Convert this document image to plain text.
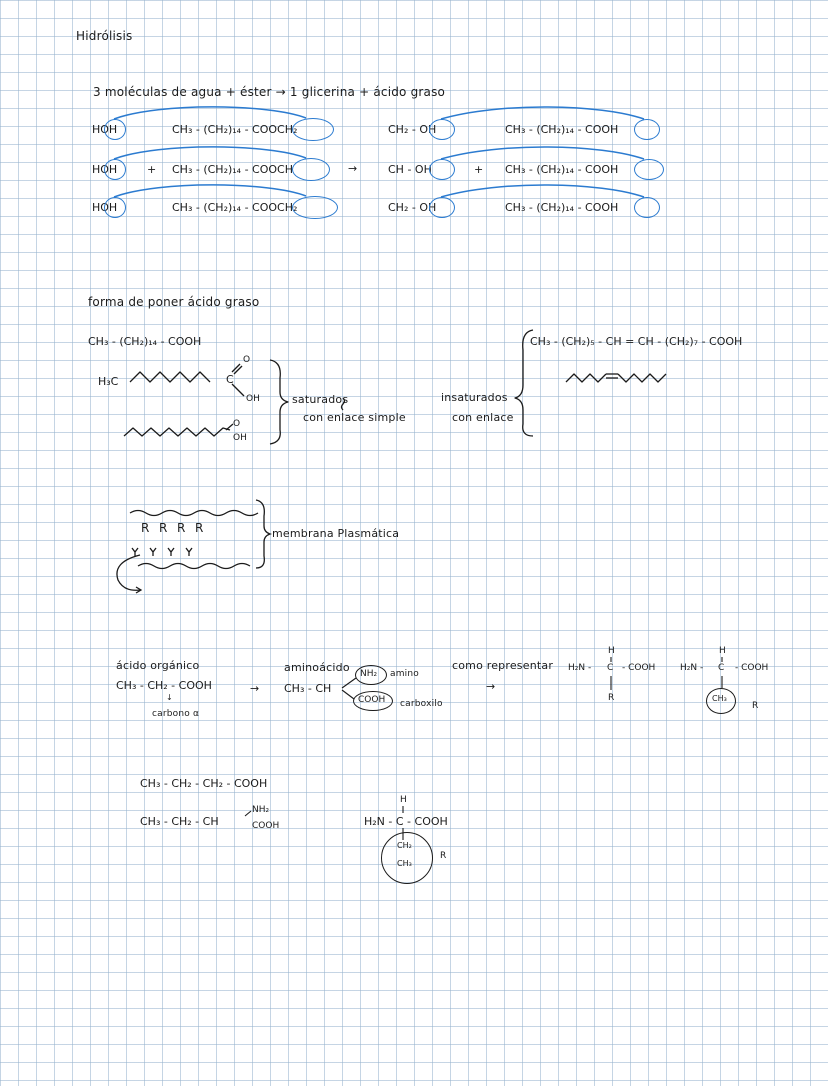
Hidrólisis
3 moléculas de agua + éster → 1 glicerina + ácido graso
HOH	CH₃ - (CH₂)₁₄ - COOCH₂	CH₂ - OH	CH₃ - (CH₂)₁₄ - COOH
HOH	+ CH₃ - (CH₂)₁₄ - COOCH	→	CH - OH	+ CH₃ - (CH₂)₁₄ - COOH
HOH	CH₃ - (CH₂)₁₄ - COOCH₂	CH₂ - OH	CH₃ - (CH₂)₁₄ - COOH
forma de poner ácido graso
CH₃ - (CH₂)₁₄ - COOH
H₃C
O
C
OH
O
OH
saturados
con enlace simple
insaturados
con enlace
CH₃ - (CH₂)₅ - CH = CH - (CH₂)₇ - COOH
R R R R	membrana Plasmática
ácido orgánico
CH₃ - CH₂ - COOH
↓
carbono α
→
aminoácido
CH₃ - CH
NH₂ amino
COOH carboxilo
como representar
→
H
H₂N - C - COOH
R
H
H₂N - C - COOH
CH₃
R
CH₃ - CH₂ - CH₂ - COOH
CH₃ - CH₂ - CH
NH₂
COOH
H
H₂N - C - COOH
CH₂
CH₃
R
